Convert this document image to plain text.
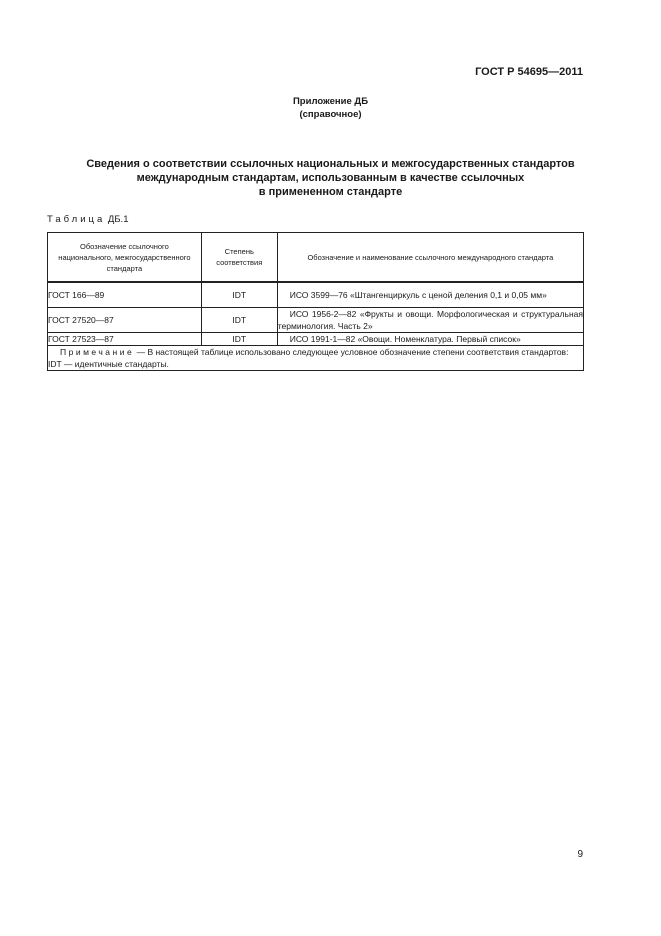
ГОСТ Р 54695—2011
Приложение ДБ
(справочное)
Сведения о соответствии ссылочных национальных и межгосударственных стандартов
международным стандартам, использованным в качестве ссылочных
в примененном стандарте
Таблица ДБ.1
Обозначение ссылочного национального, межгосударственного стандарта	Степень соответствия	Обозначение и наименование ссылочного международного стандарта
ГОСТ 166—89	IDT	ИСО 3599—76 «Штангенциркуль с ценой деления 0,1 и 0,05 мм»
ГОСТ 27520—87	IDT	ИСО 1956-2—82 «Фрукты и овощи. Морфологическая и структуральная терминология. Часть 2»
ГОСТ 27523—87	IDT	ИСО 1991-1—82 «Овощи. Номенклатура. Первый список»

Примечание — В настоящей таблице использовано следующее условное обозначение степени соответствия стандартов:
IDT — идентичные стандарты.		
9
